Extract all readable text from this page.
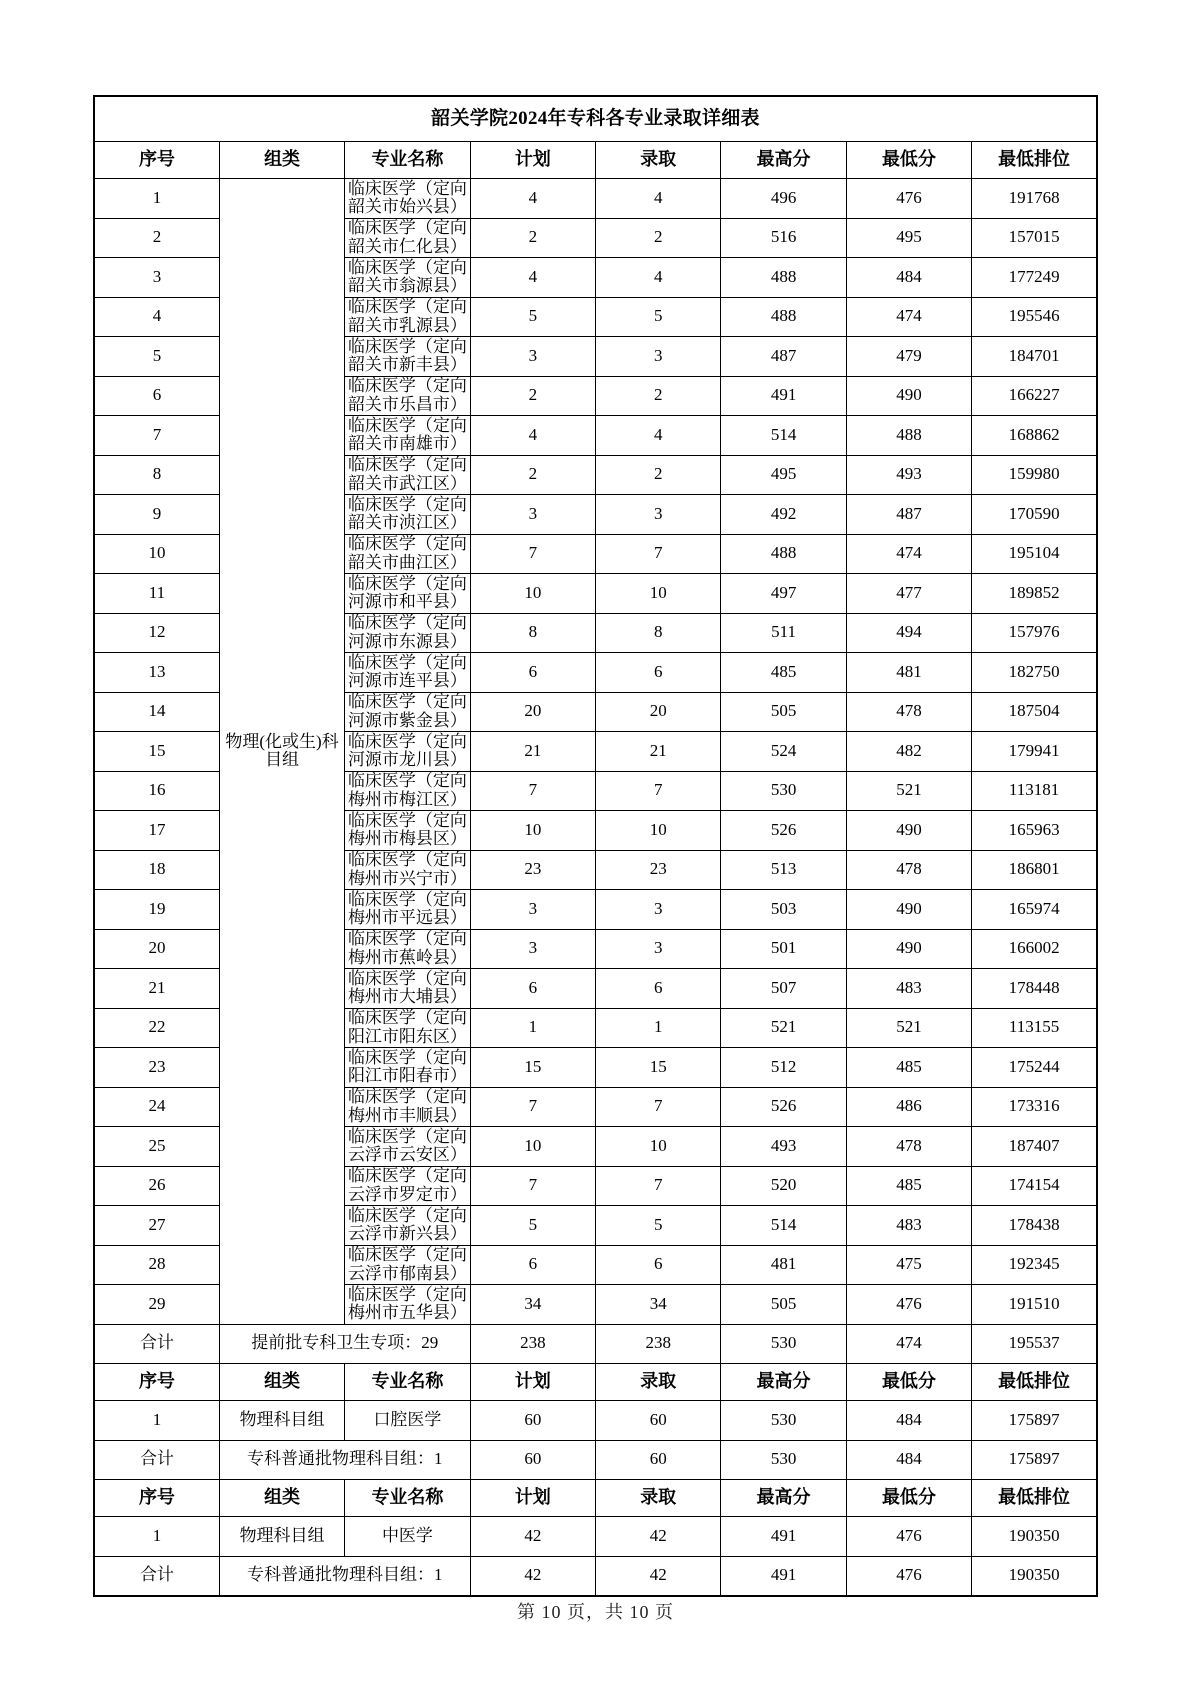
韶关学院2024年专科各专业录取详细表							
序号	组类	专业名称	计划	录取	最高分	最低分	最低排位
1	物理(化或生)科目组	临床医学（定向韶关市始兴县）	4	4	496	476	191768
2		临床医学（定向韶关市仁化县）	2	2	516	495	157015
3		临床医学（定向韶关市翁源县）	4	4	488	484	177249
4		临床医学（定向韶关市乳源县）	5	5	488	474	195546
5		临床医学（定向韶关市新丰县）	3	3	487	479	184701
6		临床医学（定向韶关市乐昌市）	2	2	491	490	166227
7		临床医学（定向韶关市南雄市）	4	4	514	488	168862
8		临床医学（定向韶关市武江区）	2	2	495	493	159980
9		临床医学（定向韶关市浈江区）	3	3	492	487	170590
10		临床医学（定向韶关市曲江区）	7	7	488	474	195104
11		临床医学（定向河源市和平县）	10	10	497	477	189852
12		临床医学（定向河源市东源县）	8	8	511	494	157976
13		临床医学（定向河源市连平县）	6	6	485	481	182750
14		临床医学（定向河源市紫金县）	20	20	505	478	187504
15		临床医学（定向河源市龙川县）	21	21	524	482	179941
16		临床医学（定向梅州市梅江区）	7	7	530	521	113181
17		临床医学（定向梅州市梅县区）	10	10	526	490	165963
18		临床医学（定向梅州市兴宁市）	23	23	513	478	186801
19		临床医学（定向梅州市平远县）	3	3	503	490	165974
20		临床医学（定向梅州市蕉岭县）	3	3	501	490	166002
21		临床医学（定向梅州市大埔县）	6	6	507	483	178448
22		临床医学（定向阳江市阳东区）	1	1	521	521	113155
23		临床医学（定向阳江市阳春市）	15	15	512	485	175244
24		临床医学（定向梅州市丰顺县）	7	7	526	486	173316
25		临床医学（定向云浮市云安区）	10	10	493	478	187407
26		临床医学（定向云浮市罗定市）	7	7	520	485	174154
27		临床医学（定向云浮市新兴县）	5	5	514	483	178438
28		临床医学（定向云浮市郁南县）	6	6	481	475	192345
29		临床医学（定向梅州市五华县）	34	34	505	476	191510
合计	提前批专科卫生专项：29		238	238	530	474	195537
序号	组类	专业名称	计划	录取	最高分	最低分	最低排位
1	物理科目组	口腔医学	60	60	530	484	175897
合计	专科普通批物理科目组：1		60	60	530	484	175897
序号	组类	专业名称	计划	录取	最高分	最低分	最低排位
1	物理科目组	中医学	42	42	491	476	190350
合计	专科普通批物理科目组：1		42	42	491	476	190350
第 10 页，共 10 页
